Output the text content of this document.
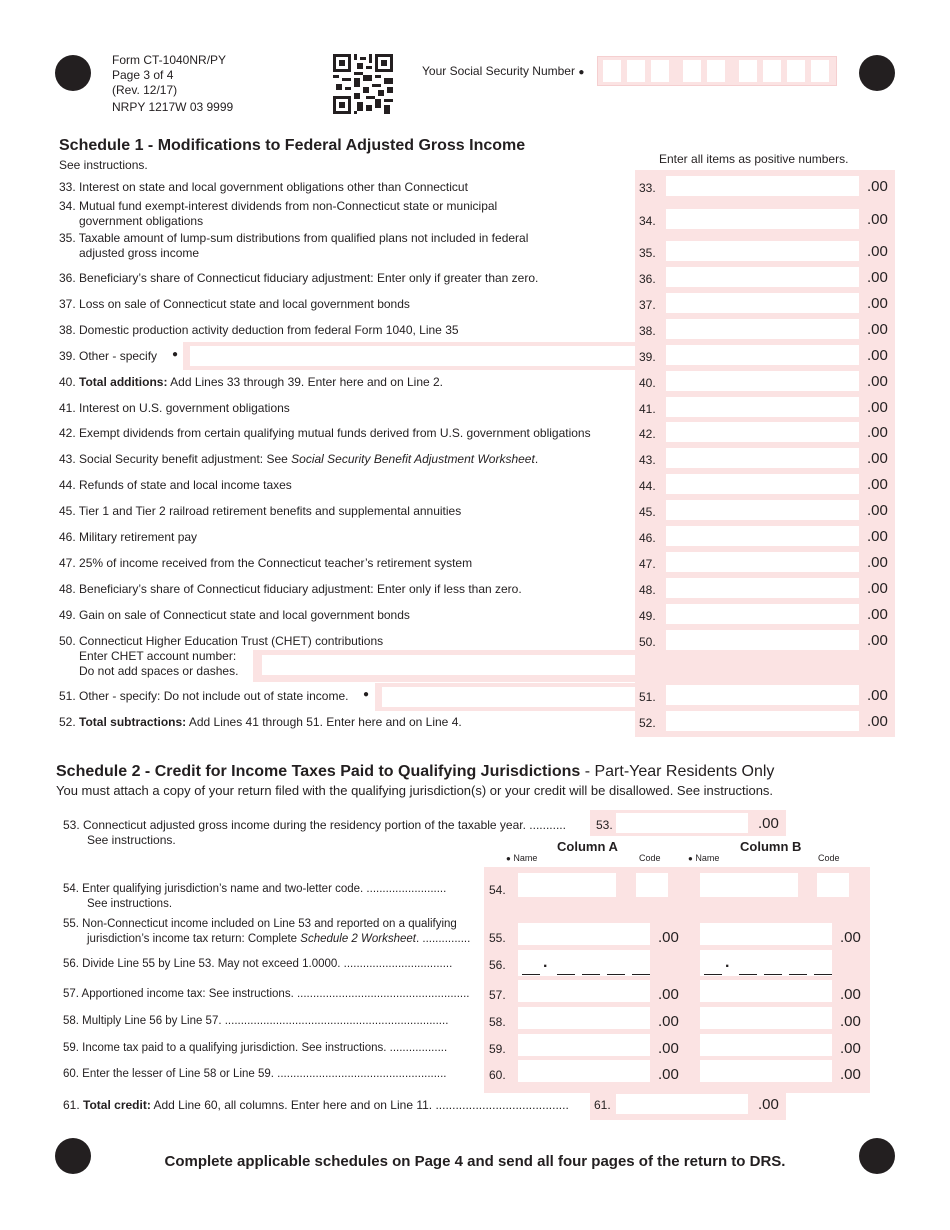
Form CT-1040NR/PY
Page 3 of 4
(Rev. 12/17)
NRPY 1217W 03 9999
Your Social Security Number ●
Schedule 1 - Modifications to Federal Adjusted Gross Income
See instructions.	Enter all items as positive numbers.
33. Interest on state and local government obligations other than Connecticut	33.	.00
34. Mutual fund exempt-interest dividends from non-Connecticut state or municipal
government obligations	34.	.00
35. Taxable amount of lump-sum distributions from qualified plans not included in federal
adjusted gross income	35.	.00
36. Beneficiary’s share of Connecticut fiduciary adjustment: Enter only if greater than zero.	36.	.00
37. Loss on sale of Connecticut state and local government bonds	37.	.00
38. Domestic production activity deduction from federal Form 1040, Line 35	38.	.00
39. Other - specify	39.	.00
40. Total additions: Add Lines 33 through 39. Enter here and on Line 2.	40.	.00
41. Interest on U.S. government obligations	41.	.00
42. Exempt dividends from certain qualifying mutual funds derived from U.S. government obligations	42.	.00
43. Social Security benefit adjustment: See Social Security Benefit Adjustment Worksheet.	43.	.00
44. Refunds of state and local income taxes	44.	.00
45. Tier 1 and Tier 2 railroad retirement benefits and supplemental annuities	45.	.00
46. Military retirement pay	46.	.00
47. 25% of income received from the Connecticut teacher’s retirement system	47.	.00
48. Beneficiary’s share of Connecticut fiduciary adjustment: Enter only if less than zero.	48.	.00
49. Gain on sale of Connecticut state and local government bonds	49.	.00
50. Connecticut Higher Education Trust (CHET) contributions
Enter CHET account number:
Do not add spaces or dashes.
50.	.00
51. Other - specify: Do not include out of state income.	51.	.00
52. Total subtractions: Add Lines 41 through 51. Enter here and on Line 4.	52.	.00
●
●
Schedule 2 - Credit for Income Taxes Paid to Qualifying Jurisdictions - Part-Year Residents Only
You must attach a copy of your return filed with the qualifying jurisdiction(s) or your credit will be disallowed. See instructions.
53. Connecticut adjusted gross income during the residency portion of the taxable year. ...........
See instructions.
53.	.00
Column A	Column B
● Name	Code	● Name	Code
54. Enter qualifying jurisdiction’s name and two-letter code. .........................
See instructions.
54.
55. Non-Connecticut income included on Line 53 and reported on a qualifying
jurisdiction’s income tax return: Complete Schedule 2 Worksheet. ............... 55.	.00	.00
56. Divide Line 55 by Line 53. May not exceed 1.0000. ..................................	56. .	.
57. Apportioned income tax: See instructions. ...................................................... 57.	.00	.00
58. Multiply Line 56 by Line 57. ......................................................................	58.	.00	.00
59. Income tax paid to a qualifying jurisdiction. See instructions. ..................	59.	.00	.00
60. Enter the lesser of Line 58 or Line 59. .....................................................	60.	.00	.00
61. Total credit: Add Line 60, all columns. Enter here and on Line 11. ........................................ 61.	.00
Complete applicable schedules on Page 4 and send all four pages of the return to DRS.
